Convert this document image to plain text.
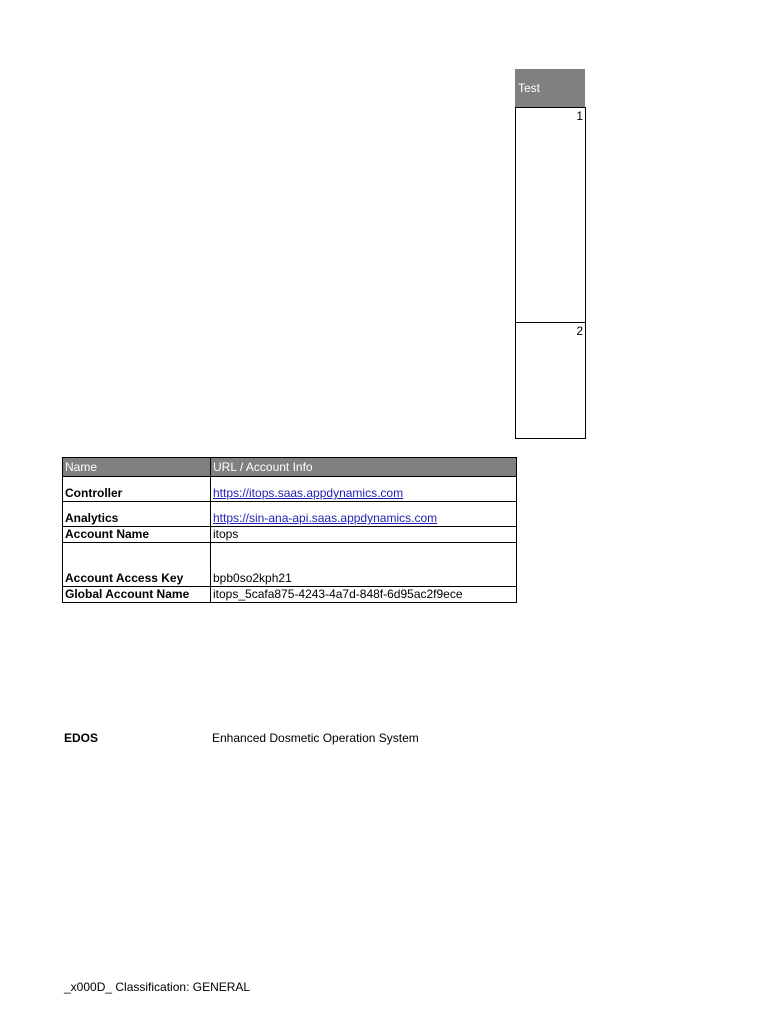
Test
1
2
Name	URL / Account Info
Controller	https://itops.saas.appdynamics.com
Analytics	https://sin-ana-api.saas.appdynamics.com
Account Name	itops
Account Access Key	bpb0so2kph21
Global Account Name	itops_5cafa875-4243-4a7d-848f-6d95ac2f9ece
EDOS	Enhanced Dosmetic Operation System
_x000D_ Classification: GENERAL
